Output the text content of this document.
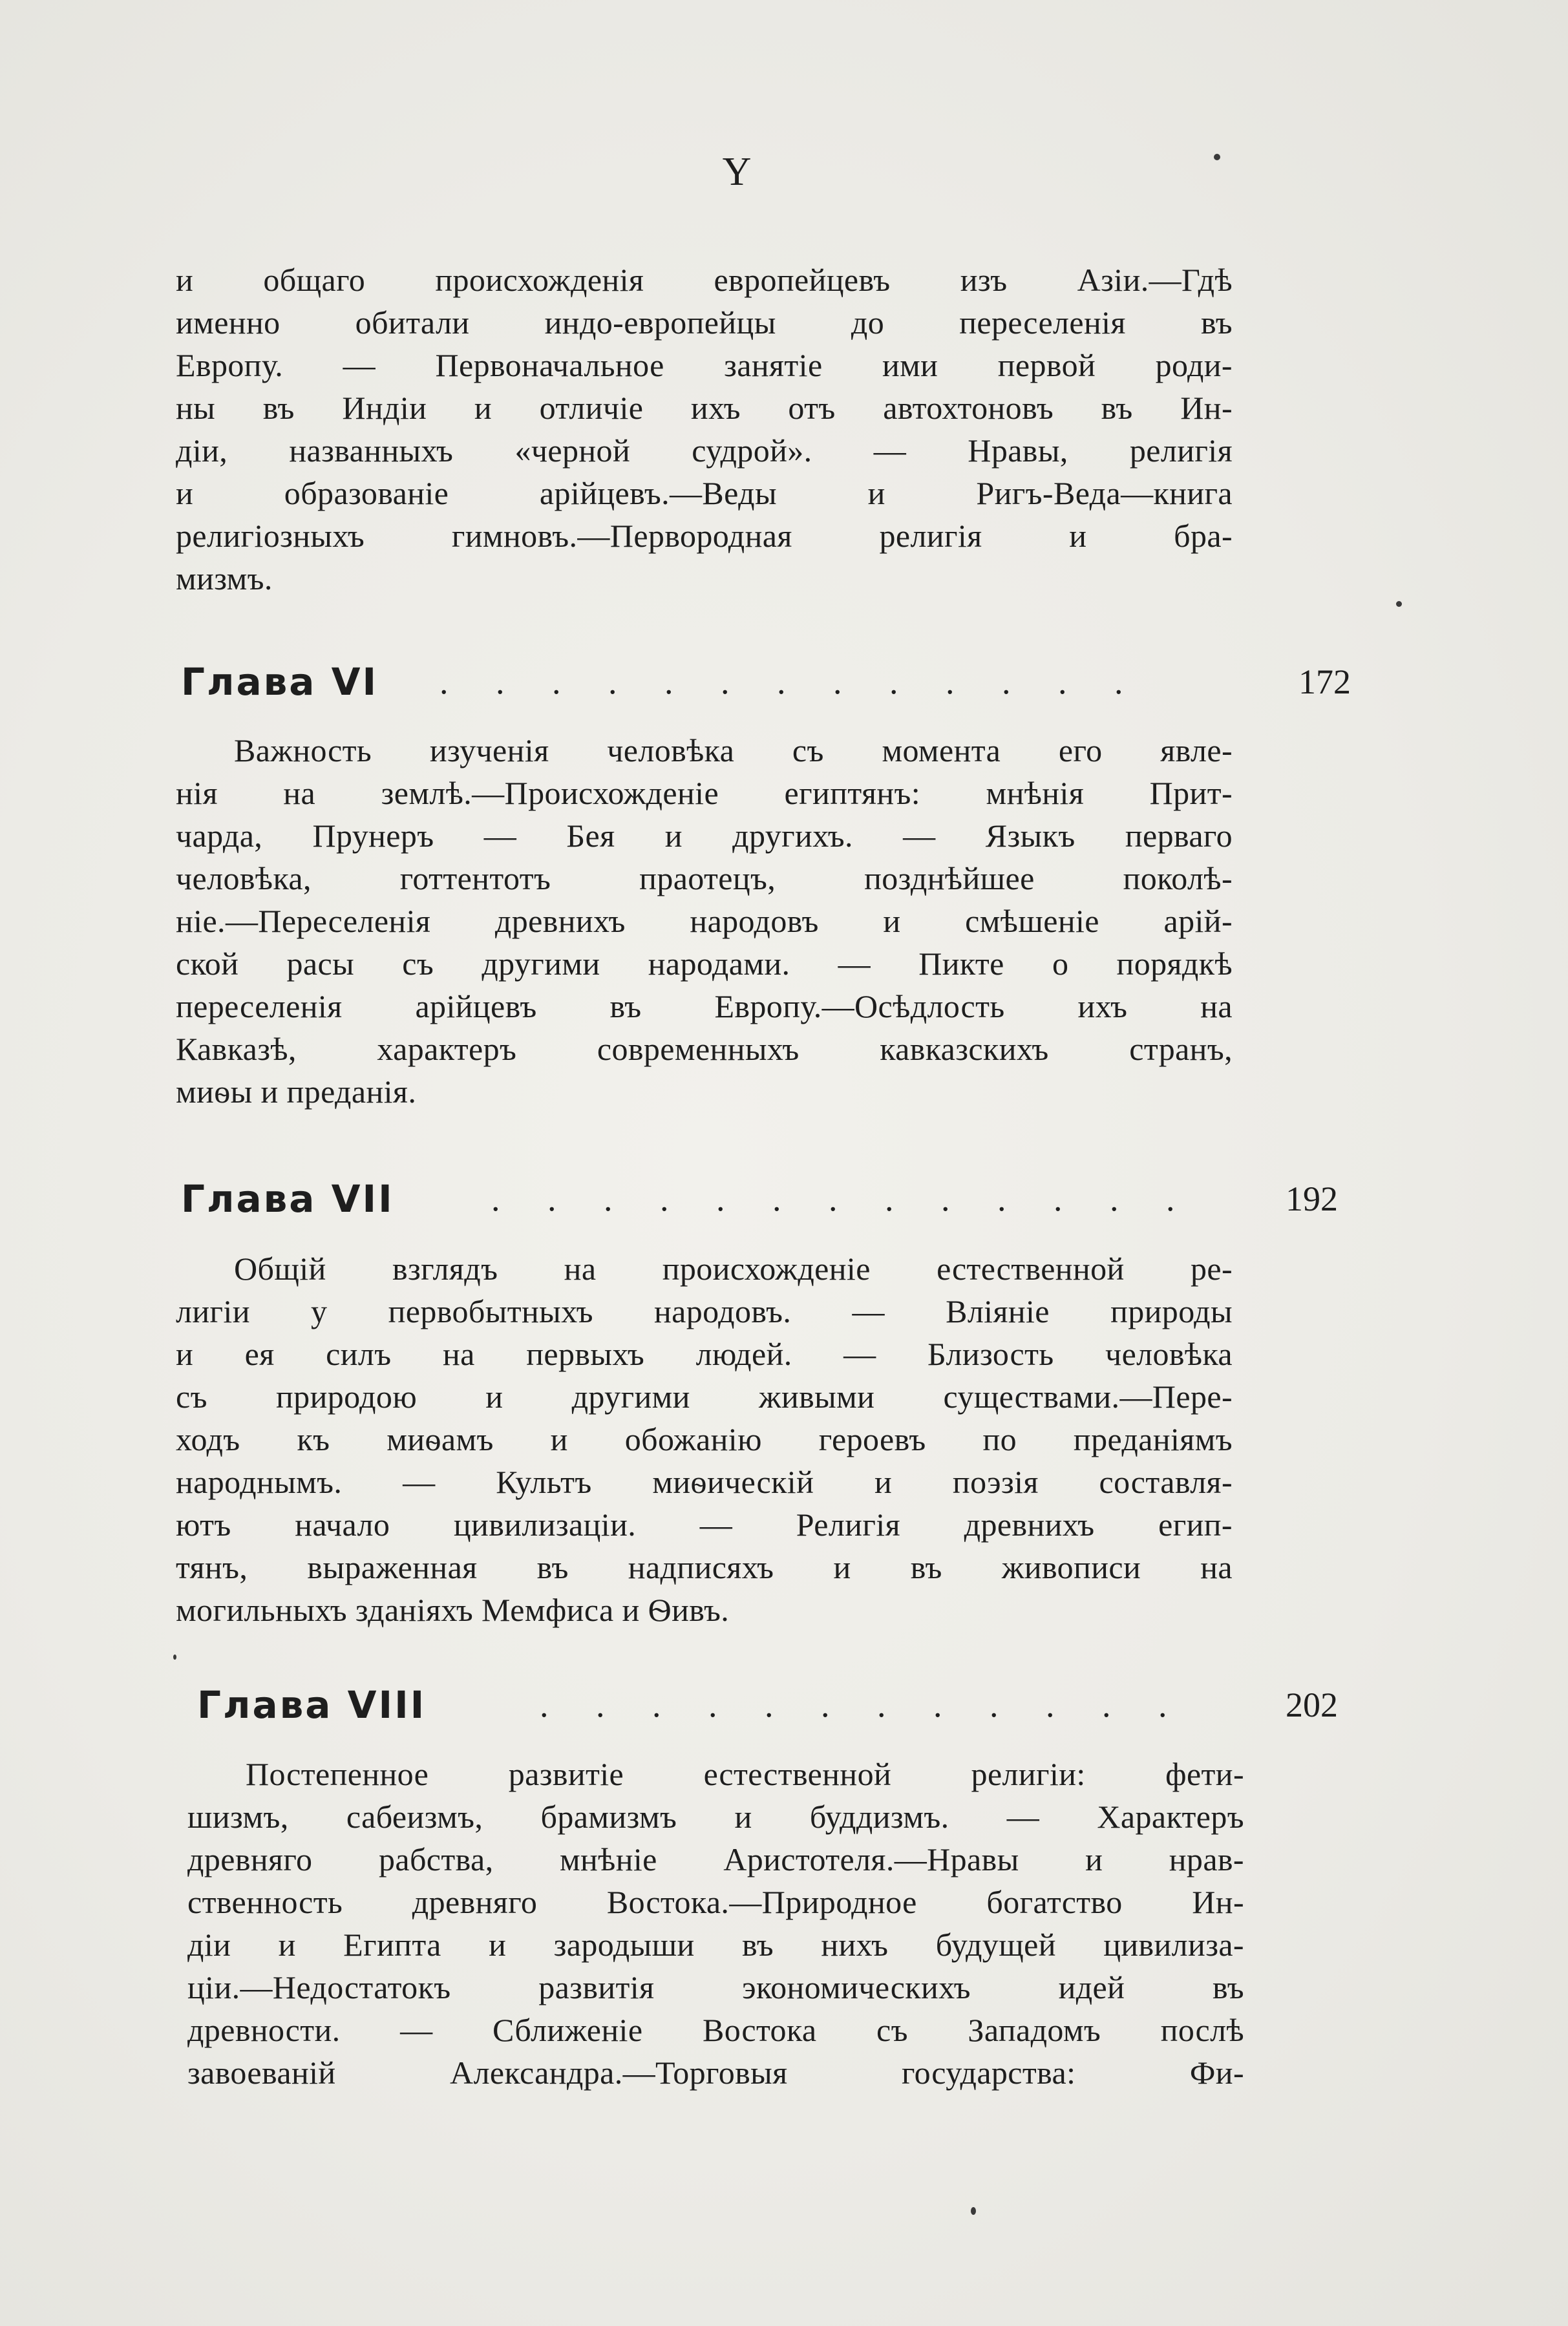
Y
и общаго происхожденія европейцевъ изъ Азіи.—Гдѣ
именно обитали индо-европейцы до переселенія въ
Европу. — Первоначальное занятіе ими первой роди-
ны въ Индіи и отличіе ихъ отъ автохтоновъ въ Ин-
діи, названныхъ «черной судрой». — Нравы, религія
и образованіе арійцевъ.—Веды и Ригъ-Веда—книга
религіозныхъ гимновъ.—Первородная религія и бра-
мизмъ.
Глава VI . . . . . . . . . . . . .	172
Важность изученія человѣка съ момента его явле-
нія на землѣ.—Происхожденіе египтянъ: мнѣнія Прит-
чарда, Прунеръ — Бея и другихъ. — Языкъ перваго
человѣка, готтентотъ праотецъ, позднѣйшее поколѣ-
ніе.—Переселенія древнихъ народовъ и смѣшеніе арій-
ской расы съ другими народами. — Пикте о порядкѣ
переселенія арійцевъ въ Европу.—Осѣдлость ихъ на
Кавказѣ, характеръ современныхъ кавказскихъ странъ,
миѳы и преданія.
Глава VII	. . . . . . . . . . . . .	192
Общій взглядъ на происхожденіе естественной ре-
лигіи у первобытныхъ народовъ. — Вліяніе природы
и ея силъ на первыхъ людей. — Близость человѣка
съ природою и другими живыми существами.—Пере-
ходъ къ миѳамъ и обожанію героевъ по преданіямъ
народнымъ. — Культъ миѳическій и поэзія составля-
ютъ начало цивилизаціи. — Религія древнихъ егип-
тянъ, выраженная въ надписяхъ и въ живописи на
могильныхъ зданіяхъ Мемфиса и Ѳивъ.
Глава VIII	. . . . . . . . . . . .	202
Постепенное развитіе естественной религіи: фети-
шизмъ, сабеизмъ, брамизмъ и буддизмъ. — Характеръ
древняго рабства, мнѣніе Аристотеля.—Нравы и нрав-
ственность древняго Востока.—Природное богатство Ин-
діи и Египта и зародыши въ нихъ будущей цивилиза-
ціи.—Недостатокъ развитія экономическихъ идей въ
древности. — Сближеніе Востока съ Западомъ послѣ
завоеваній Александра.—Торговыя государства: Фи-
